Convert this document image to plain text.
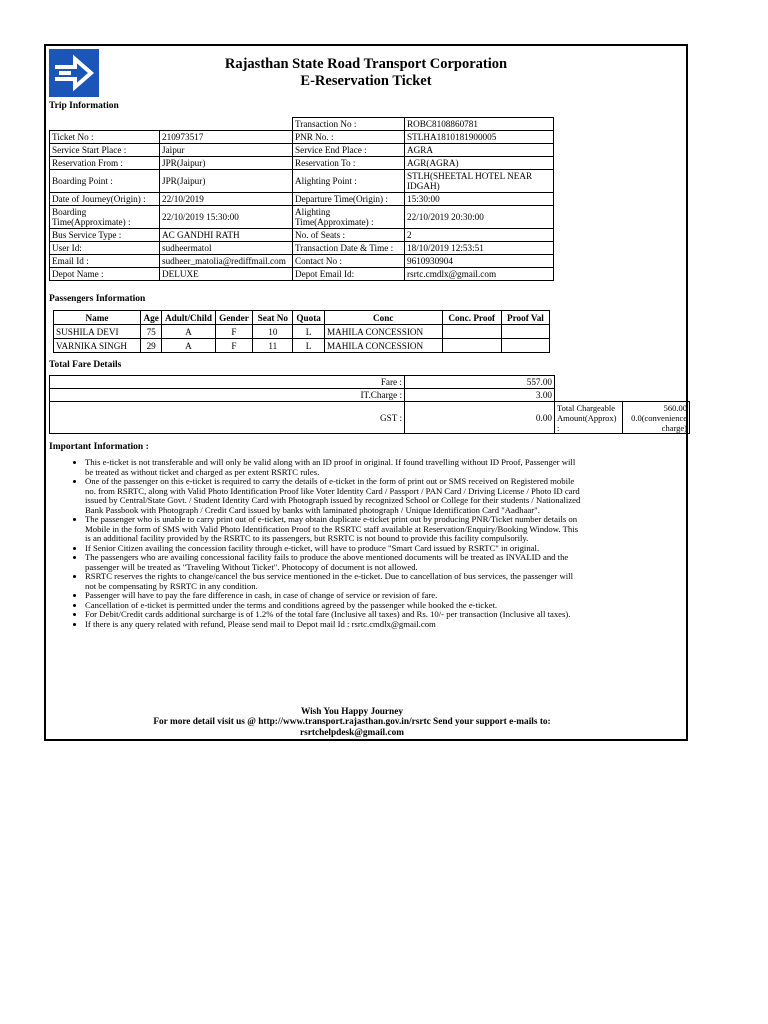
Rajasthan State Road Transport Corporation
E-Reservation Ticket
Trip Information
		Transaction No :	ROBC8108860781
Ticket No :	210973517	PNR No. :	STLHA1810181900005
Service Start Place :	Jaipur	Service End Place :	AGRA
Reservation From :	JPR(Jaipur)	Reservation To :	AGR(AGRA)
Boarding Point :	JPR(Jaipur)	Alighting Point :	STLH(SHEETAL HOTEL NEAR IDGAH)
Date of Journey(Origin) :	22/10/2019	Departure Time(Origin) :	15:30:00
Boarding Time(Approximate) :	22/10/2019 15:30:00	Alighting Time(Approximate) :	22/10/2019 20:30:00
Bus Service Type :	AC GANDHI RATH	No. of Seats :	2
User Id:	sudheermatol	Transaction Date & Time :	18/10/2019 12:53:51
Email Id :	sudheer_matolia@rediffmail.com	Contact No :	9610930904
Depot Name :	DELUXE	Depot Email Id:	rsrtc.cmdlx@gmail.com
Passengers Information
Name	Age	Adult/Child	Gender	Seat No	Quota	Conc	Conc. Proof	Proof Val
SUSHILA DEVI	75	A	F	10	L	MAHILA CONCESSION		
VARNIKA SINGH	29	A	F	11	L	MAHILA CONCESSION		
Total Fare Details
Fare :	557.00		
IT.Charge :	3.00		
GST :	0.00	Total Chargeable Amount(Approx) :	560.00
0.0(convenience charge)
Important Information :
• This e-ticket is not transferable and will only be valid along with an ID proof in original. If found travelling without ID Proof, Passenger will be treated as without ticket and charged as per extent RSRTC rules.
• One of the passenger on this e-ticket is required to carry the details of e-ticket in the form of print out or SMS received on Registered mobile no. from RSRTC, along with Valid Photo Identification Proof like Voter Identity Card / Passport / PAN Card / Driving License / Photo ID card issued by Central/State Govt. / Student Identity Card with Photograph issued by recognized School or College for their students / Nationalized Bank Passbook with Photograph / Credit Card issued by banks with laminated photograph / Unique Identification Card "Aadhaar".
• The passenger who is unable to carry print out of e-ticket, may obtain duplicate e-ticket print out by producing PNR/Ticket number details on Mobile in the form of SMS with Valid Photo Identification Proof to the RSRTC staff available at Reservation/Enquiry/Booking Window. This is an additional facility provided by the RSRTC to its passengers, but RSRTC is not bound to provide this facility compulsorily.
• If Senior Citizen availing the concession facility through e-ticket, will have to produce "Smart Card issued by RSRTC" in original.
• The passengers who are availing concessional facility fails to produce the above mentioned documents will be treated as INVALID and the passenger will be treated as "Traveling Without Ticket". Photocopy of document is not allowed.
• RSRTC reserves the rights to change/cancel the bus service mentioned in the e-ticket. Due to cancellation of bus services, the passenger will not be compensating by RSRTC in any condition.
• Passenger will have to pay the fare difference in cash, in case of change of service or revision of fare.
• Cancellation of e-ticket is permitted under the terms and conditions agreed by the passenger while booked the e-ticket.
• For Debit/Credit cards additional surcharge is of 1.2% of the total fare (Inclusive all taxes) and Rs. 10/- per transaction (Inclusive all taxes).
• If there is any query related with refund, Please send mail to Depot mail Id : rsrtc.cmdlx@gmail.com
Wish You Happy Journey
For more detail visit us @ http://www.transport.rajasthan.gov.in/rsrtc Send your support e-mails to:
rsrtchelpdesk@gmail.com
